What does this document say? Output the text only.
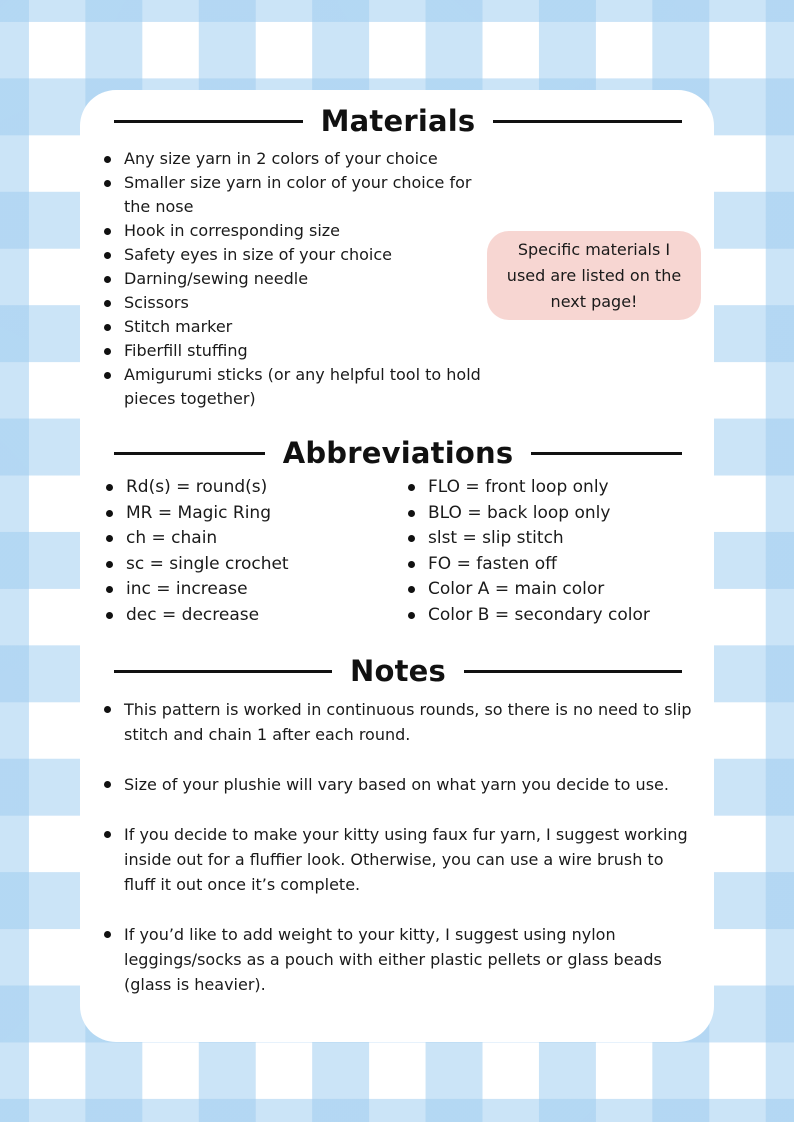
Materials
Any size yarn in 2 colors of your choice
Smaller size yarn in color of your choice for the nose
Hook in corresponding size
Safety eyes in size of your choice
Darning/sewing needle
Scissors
Stitch marker
Fiberfill stuffing
Amigurumi sticks (or any helpful tool to hold pieces together)
Specific materials I used are listed on the next page!
Abbreviations
Rd(s) = round(s)
MR = Magic Ring
ch = chain
sc = single crochet
inc = increase
dec = decrease
FLO = front loop only
BLO = back loop only
slst = slip stitch
FO = fasten off
Color A = main color
Color B = secondary color
Notes
This pattern is worked in continuous rounds, so there is no need to slip stitch and chain 1 after each round.
Size of your plushie will vary based on what yarn you decide to use.
If you decide to make your kitty using faux fur yarn, I suggest working inside out for a fluffier look. Otherwise, you can use a wire brush to fluff it out once it’s complete.
If you’d like to add weight to your kitty, I suggest using nylon leggings/socks as a pouch with either plastic pellets or glass beads (glass is heavier).
